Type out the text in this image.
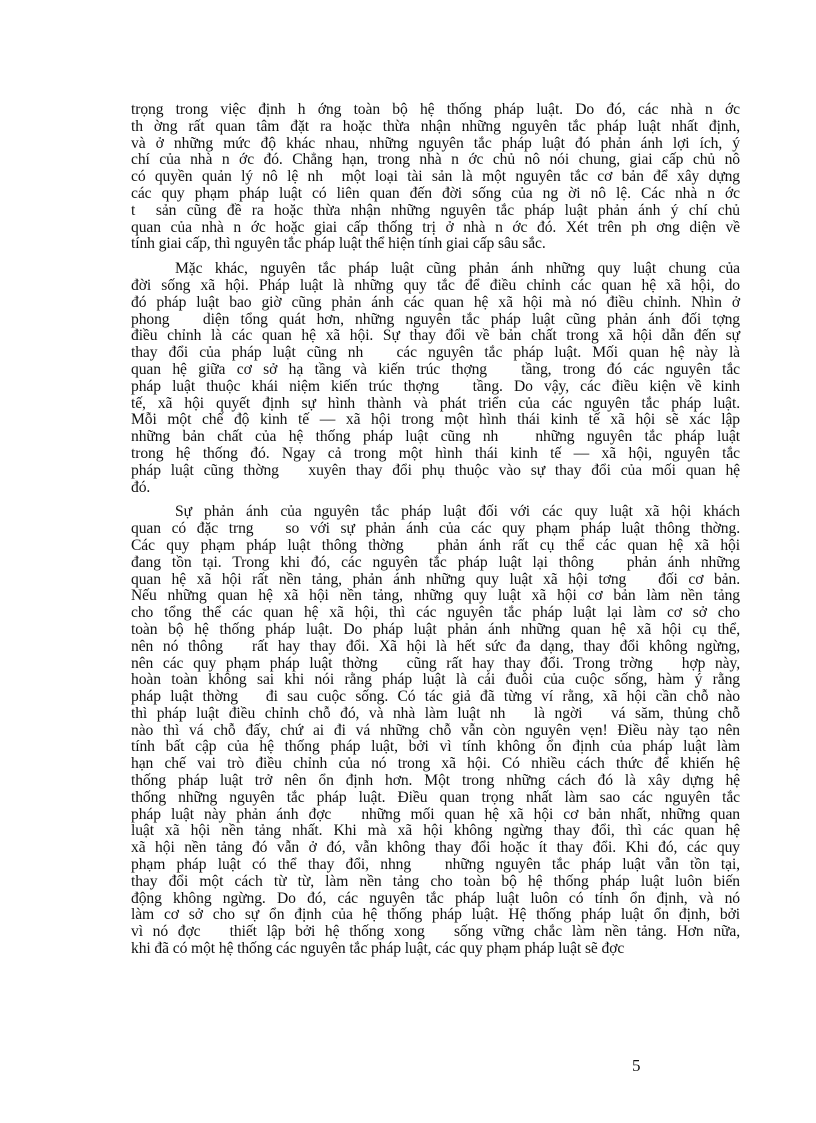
trọng trong việc định h ớng toàn bộ hệ thống pháp luật. Do đó, các nhà n ớc
th ờng rất quan tâm đặt ra hoặc thừa nhận những nguyên tắc pháp luật nhất định,
và ở những mức độ khác nhau, những nguyên tắc pháp luật đó phản ánh lợi ích, ý
chí của nhà n ớc đó. Chẳng hạn, trong nhà n ớc chủ nô nói chung, giai cấp chủ nô
có quyền quản lý nô lệ nh  một loại tài sản là một nguyên tắc cơ bản để xây dựng
các quy phạm pháp luật có liên quan đến đời sống của ng ời nô lệ. Các nhà n ớc
t  sản cũng đề ra hoặc thừa nhận những nguyên tắc pháp luật phản ánh ý chí chủ
quan của nhà n ớc hoặc giai cấp thống trị ở nhà n ớc đó. Xét trên ph ơng diện về
tính giai cấp, thì nguyên tắc pháp luật thể hiện tính giai cấp sâu sắc.
Mặc khác, nguyên tắc pháp luật cũng phản ánh những quy luật chung của
đời sống xã hội. Pháp luật là những quy tắc để điều chỉnh các quan hệ xã hội, do
đó pháp luật bao giờ cũng phản ánh các quan hệ xã hội mà nó điều chỉnh. Nhìn ở
phong   diện tổng quát hơn, những nguyên tắc pháp luật cũng phản ánh đối tợng
điều chỉnh là các quan hệ xã hội. Sự thay đổi về bản chất trong xã hội dẫn đến sự
thay đổi của pháp luật cũng nh   các nguyên tắc pháp luật. Mối quan hệ này là
quan hệ giữa cơ sở hạ tầng và kiến trúc thợng   tầng, trong đó các nguyên tắc
pháp luật thuộc khái niệm kiến trúc thợng   tầng. Do vậy, các điều kiện về kinh
tế, xã hội quyết định sự hình thành và phát triển của các nguyên tắc pháp luật.
Mỗi một chế độ kinh tế — xã hội trong một hình thái kinh tế xã hội sẽ xác lập
những bản chất của hệ thống pháp luật cũng nh   những nguyên tắc pháp luật
trong hệ thống đó. Ngay cả trong một hình thái kinh tế — xã hội, nguyên tắc
pháp luật cũng thờng   xuyên thay đổi phụ thuộc vào sự thay đổi của mối quan hệ
đó.
Sự phản ánh của nguyên tắc pháp luật đối với các quy luật xã hội khách
quan có đặc trng   so với sự phản ánh của các quy phạm pháp luật thông thờng.
Các quy phạm pháp luật thông thờng   phản ánh rất cụ thể các quan hệ xã hội
đang tồn tại. Trong khi đó, các nguyên tắc pháp luật lại thông   phản ánh những
quan hệ xã hội rất nền tảng, phản ánh những quy luật xã hội tơng   đối cơ bản.
Nếu những quan hệ xã hội nền tảng, những quy luật xã hội cơ bản làm nền tảng
cho tổng thể các quan hệ xã hội, thì các nguyên tắc pháp luật lại làm cơ sở cho
toàn bộ hệ thống pháp luật. Do pháp luật phản ánh những quan hệ xã hội cụ thể,
nên nó thông   rất hay thay đổi. Xã hội là hết sức đa dạng, thay đổi không ngừng,
nên các quy phạm pháp luật thờng   cũng rất hay thay đổi. Trong trờng   hợp này,
hoàn toàn không sai khi nói rằng pháp luật là cái đuôi của cuộc sống, hàm ý rằng
pháp luật thờng   đi sau cuộc sống. Có tác giả đã từng ví rằng, xã hội cần chỗ nào
thì pháp luật điều chỉnh chỗ đó, và nhà làm luật nh   là ngời   vá săm, thủng chỗ
nào thì vá chỗ đấy, chứ ai đi vá những chỗ vẫn còn nguyên vẹn! Điều này tạo nên
tính bất cập của hệ thống pháp luật, bởi vì tính không ổn định của pháp luật làm
hạn chế vai trò điều chỉnh của nó trong xã hội. Có nhiều cách thức để khiến hệ
thống pháp luật trở nên ổn định hơn. Một trong những cách đó là xây dựng hệ
thống những nguyên tắc pháp luật. Điều quan trọng nhất làm sao các nguyên tắc
pháp luật này phản ánh đợc   những mối quan hệ xã hội cơ bản nhất, những quan
luật xã hội nền tảng nhất. Khi mà xã hội không ngừng thay đổi, thì các quan hệ
xã hội nền tảng đó vẫn ở đó, vẫn không thay đổi hoặc ít thay đổi. Khi đó, các quy
phạm pháp luật có thể thay đổi, nhng   những nguyên tắc pháp luật vẫn tồn tại,
thay đổi một cách từ từ, làm nền tảng cho toàn bộ hệ thống pháp luật luôn biến
động không ngừng. Do đó, các nguyên tắc pháp luật luôn có tính ổn định, và nó
làm cơ sở cho sự ổn định của hệ thống pháp luật. Hệ thống pháp luật ổn định, bởi
vì nó đợc   thiết lập bởi hệ thống xong   sống vững chắc làm nền tảng. Hơn nữa,
khi đã có một hệ thống các nguyên tắc pháp luật, các quy phạm pháp luật sẽ đợc
5
